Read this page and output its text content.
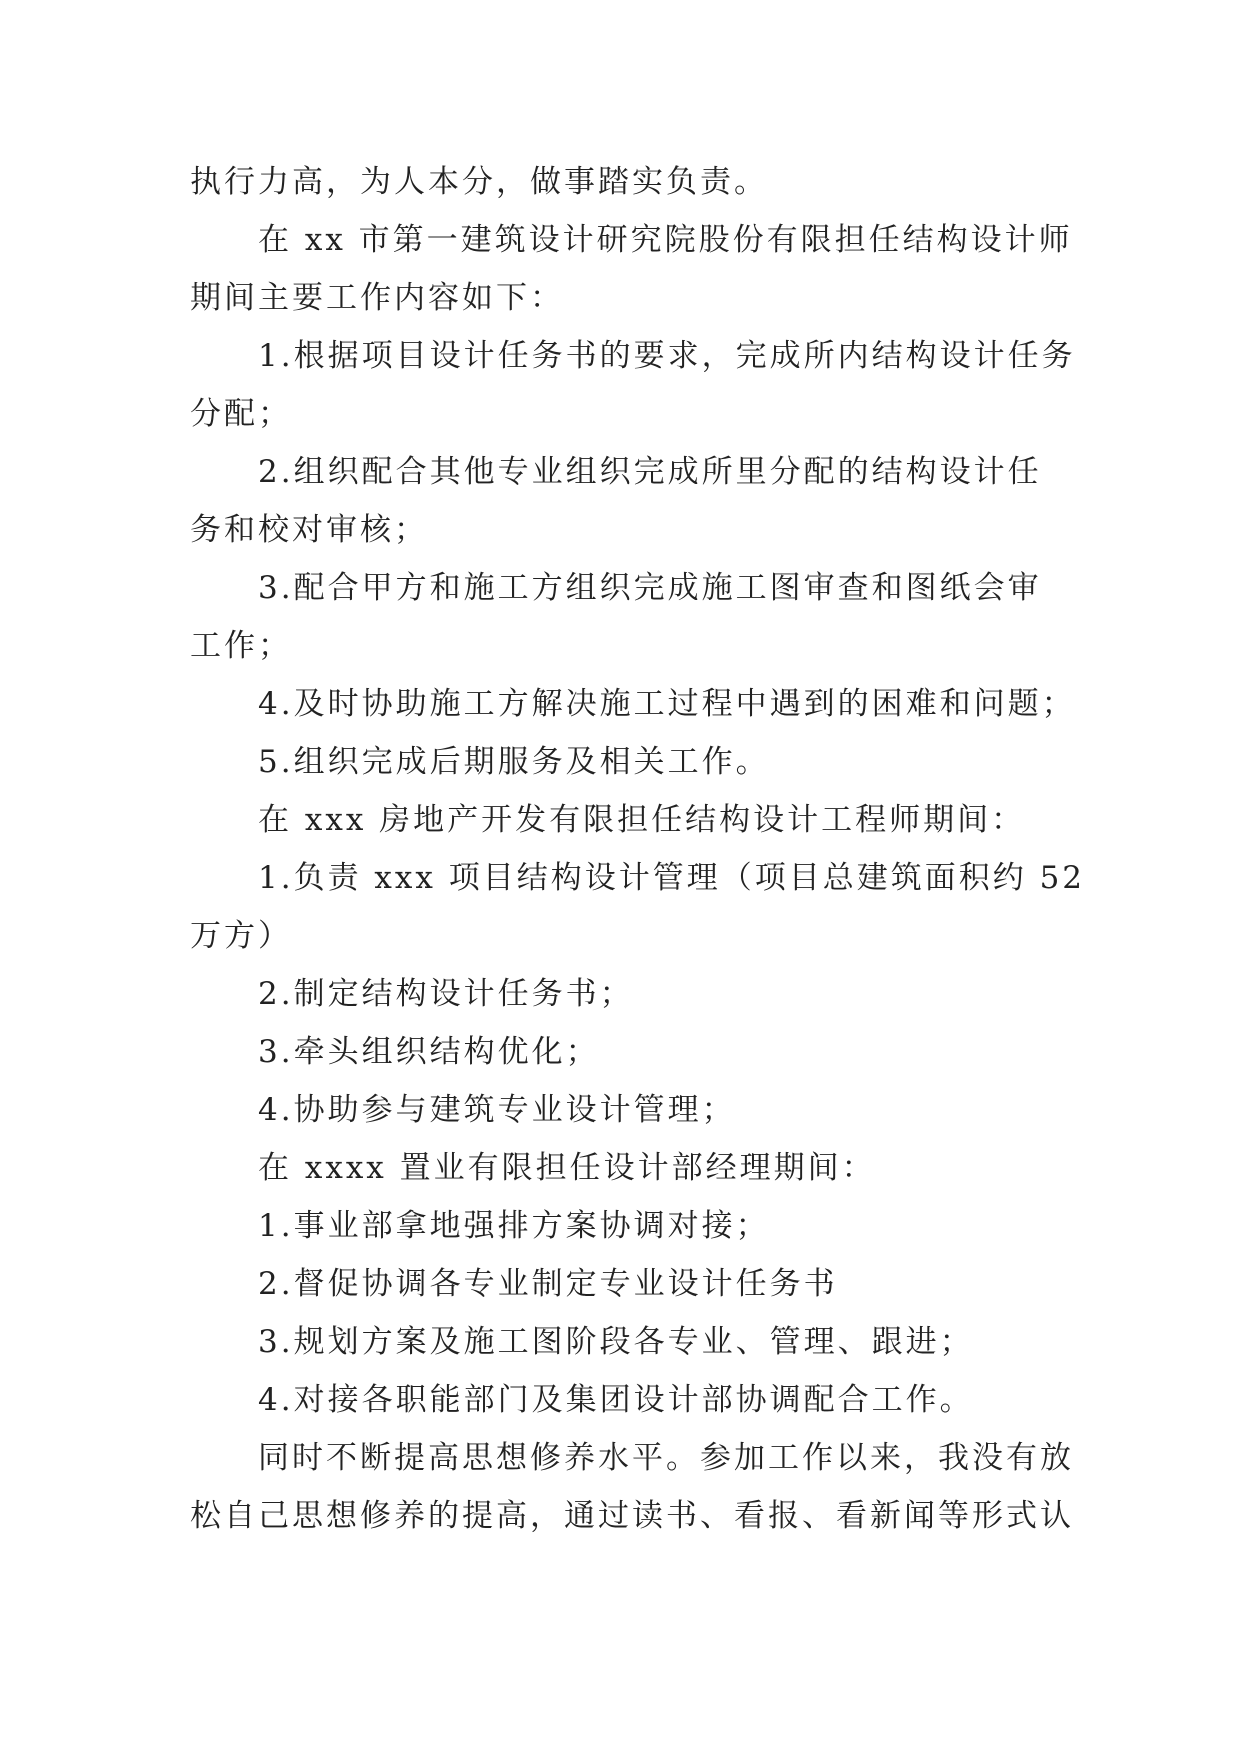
执行力高，为人本分，做事踏实负责。
在 xx 市第一建筑设计研究院股份有限担任结构设计师
期间主要工作内容如下：
1.根据项目设计任务书的要求，完成所内结构设计任务
分配；
2.组织配合其他专业组织完成所里分配的结构设计任
务和校对审核；
3.配合甲方和施工方组织完成施工图审查和图纸会审
工作；
4.及时协助施工方解决施工过程中遇到的困难和问题；
5.组织完成后期服务及相关工作。
在 xxx 房地产开发有限担任结构设计工程师期间：
1.负责 xxx 项目结构设计管理（项目总建筑面积约 52
万方）
2.制定结构设计任务书；
3.牵头组织结构优化；
4.协助参与建筑专业设计管理；
在 xxxx 置业有限担任设计部经理期间：
1.事业部拿地强排方案协调对接；
2.督促协调各专业制定专业设计任务书
3.规划方案及施工图阶段各专业、管理、跟进；
4.对接各职能部门及集团设计部协调配合工作。
同时不断提高思想修养水平。参加工作以来，我没有放
松自己思想修养的提高，通过读书、看报、看新闻等形式认
